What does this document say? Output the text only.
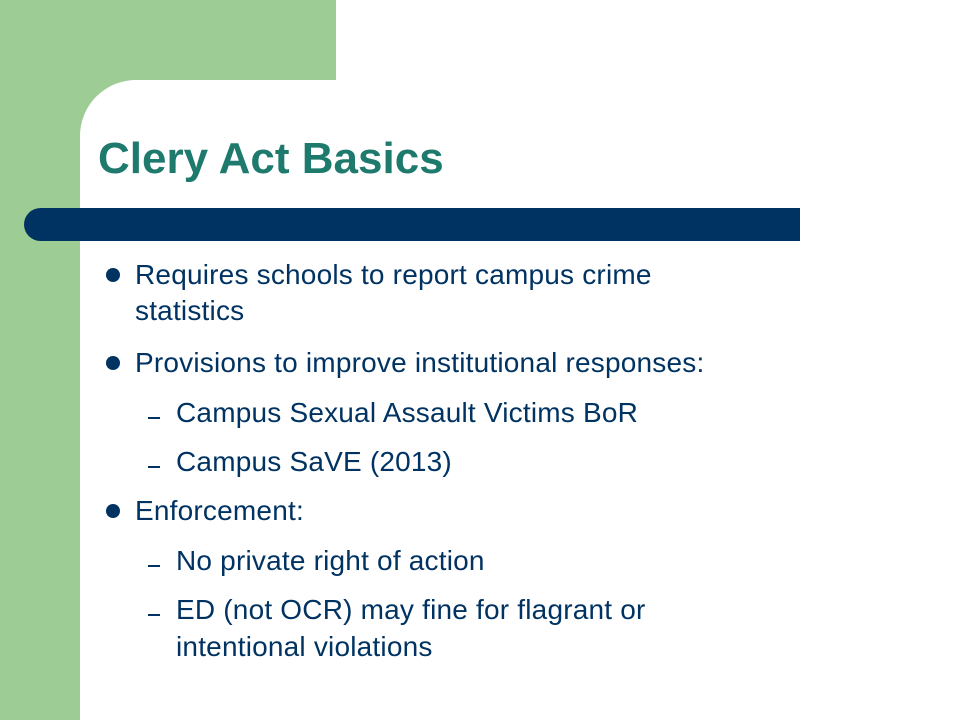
Clery Act Basics

Requires schools to report campus crime

statistics

Provisions to improve institutional responses:

Campus Sexual Assault Victims BoR

Campus SaVE (2013)

Enforcement:

No private right of action

ED (not OCR) may fine for flagrant or

intentional violations
